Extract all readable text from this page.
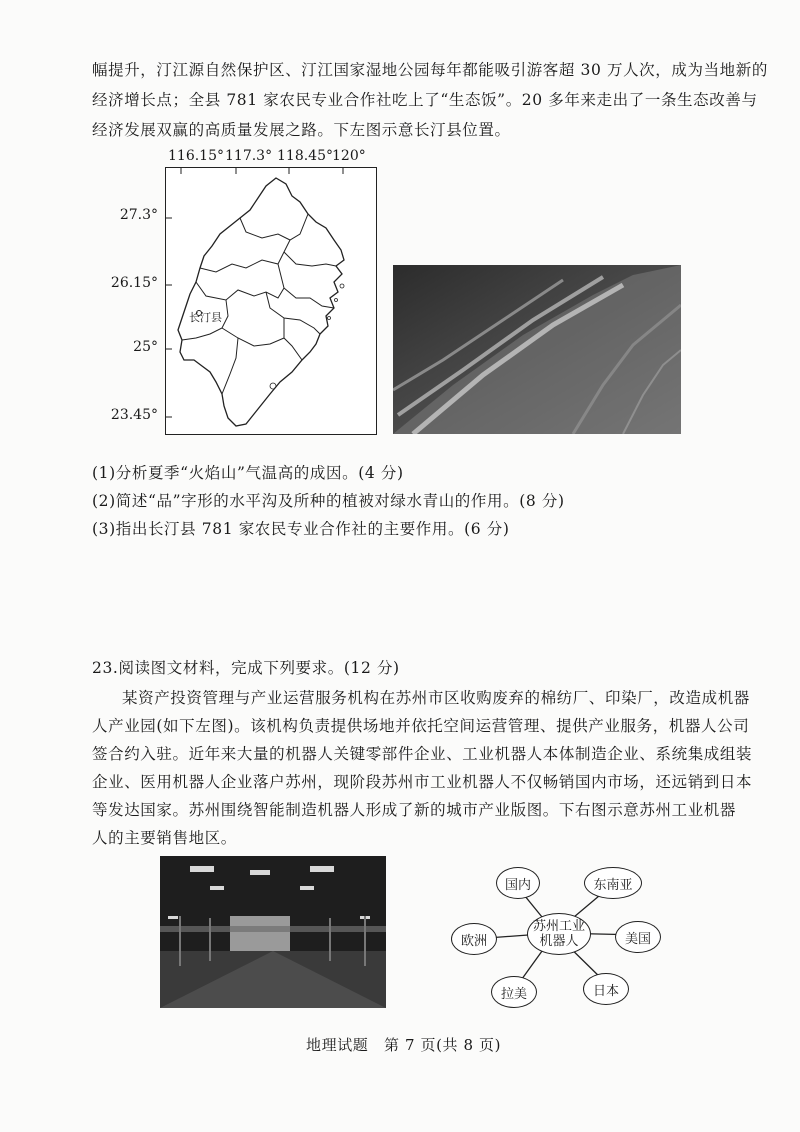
幅提升，汀江源自然保护区、汀江国家湿地公园每年都能吸引游客超 30 万人次，成为当地新的
经济增长点；全县 781 家农民专业合作社吃上了“生态饭”。20 多年来走出了一条生态改善与
经济发展双赢的高质量发展之路。下左图示意长汀县位置。
116.15° 117.3° 118.45° 120°
27.3°
26.15°
25°
23.45°
长汀县
(1)分析夏季“火焰山”气温高的成因。(4 分)
(2)简述“品”字形的水平沟及所种的植被对绿水青山的作用。(8 分)
(3)指出长汀县 781 家农民专业合作社的主要作用。(6 分)
23.阅读图文材料，完成下列要求。(12 分)
某资产投资管理与产业运营服务机构在苏州市区收购废弃的棉纺厂、印染厂，改造成机器
人产业园(如下左图)。该机构负责提供场地并依托空间运营管理、提供产业服务，机器人公司
签合约入驻。近年来大量的机器人关键零部件企业、工业机器人本体制造企业、系统集成组装
企业、医用机器人企业落户苏州，现阶段苏州市工业机器人不仅畅销国内市场，还远销到日本
等发达国家。苏州围绕智能制造机器人形成了新的城市产业版图。下右图示意苏州工业机器
人的主要销售地区。
国内	东南亚
美国
日本
拉美
欧洲
苏州工业
机器人
地理试题　第 7 页(共 8 页)
